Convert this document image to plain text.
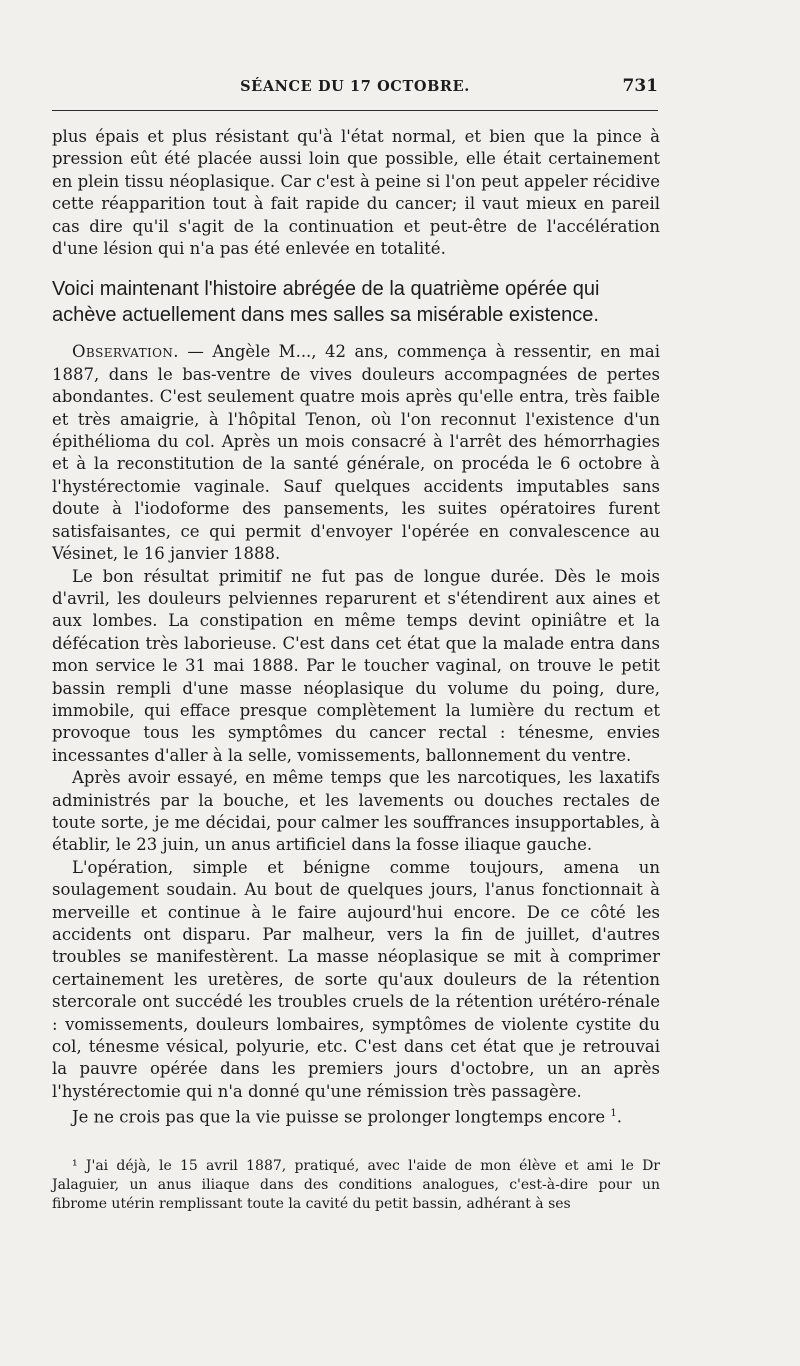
SÉANCE DU 17 OCTOBRE.	731

plus épais et plus résistant qu'à l'état normal, et bien que la pince à pression eût été placée aussi loin que possible, elle était certainement en plein tissu néoplasique. Car c'est à peine si l'on peut appeler récidive cette réapparition tout à fait rapide du cancer; il vaut mieux en pareil cas dire qu'il s'agit de la continuation et peut-être de l'accélération d'une lésion qui n'a pas été enlevée en totalité.

Voici maintenant l'histoire abrégée de la quatrième opérée qui achève actuellement dans mes salles sa misérable existence.

Observation. — Angèle M..., 42 ans, commença à ressentir, en mai 1887, dans le bas-ventre de vives douleurs accompagnées de pertes abondantes. C'est seulement quatre mois après qu'elle entra, très faible et très amaigrie, à l'hôpital Tenon, où l'on reconnut l'existence d'un épithélioma du col. Après un mois consacré à l'arrêt des hémorrhagies et à la reconstitution de la santé générale, on procéda le 6 octobre à l'hystérectomie vaginale. Sauf quelques accidents imputables sans doute à l'iodoforme des pansements, les suites opératoires furent satisfaisantes, ce qui permit d'envoyer l'opérée en convalescence au Vésinet, le 16 janvier 1888.

Le bon résultat primitif ne fut pas de longue durée. Dès le mois d'avril, les douleurs pelviennes reparurent et s'étendirent aux aines et aux lombes. La constipation en même temps devint opiniâtre et la défécation très laborieuse. C'est dans cet état que la malade entra dans mon service le 31 mai 1888. Par le toucher vaginal, on trouve le petit bassin rempli d'une masse néoplasique du volume du poing, dure, immobile, qui efface presque complètement la lumière du rectum et provoque tous les symptômes du cancer rectal : ténesme, envies incessantes d'aller à la selle, vomissements, ballonnement du ventre.

Après avoir essayé, en même temps que les narcotiques, les laxatifs administrés par la bouche, et les lavements ou douches rectales de toute sorte, je me décidai, pour calmer les souffrances insupportables, à établir, le 23 juin, un anus artificiel dans la fosse iliaque gauche.

L'opération, simple et bénigne comme toujours, amena un soulagement soudain. Au bout de quelques jours, l'anus fonctionnait à merveille et continue à le faire aujourd'hui encore. De ce côté les accidents ont disparu. Par malheur, vers la fin de juillet, d'autres troubles se manifestèrent. La masse néoplasique se mit à comprimer certainement les uretères, de sorte qu'aux douleurs de la rétention stercorale ont succédé les troubles cruels de la rétention urétéro-rénale : vomissements, douleurs lombaires, symptômes de violente cystite du col, ténesme vésical, polyurie, etc. C'est dans cet état que je retrouvai la pauvre opérée dans les premiers jours d'octobre, un an après l'hystérectomie qui n'a donné qu'une rémission très passagère.

Je ne crois pas que la vie puisse se prolonger longtemps encore $^1$.

¹ J'ai déjà, le 15 avril 1887, pratiqué, avec l'aide de mon élève et ami le Dr Jalaguier, un anus iliaque dans des conditions analogues, c'est-à-dire pour un fibrome utérin remplissant toute la cavité du petit bassin, adhérant à ses
